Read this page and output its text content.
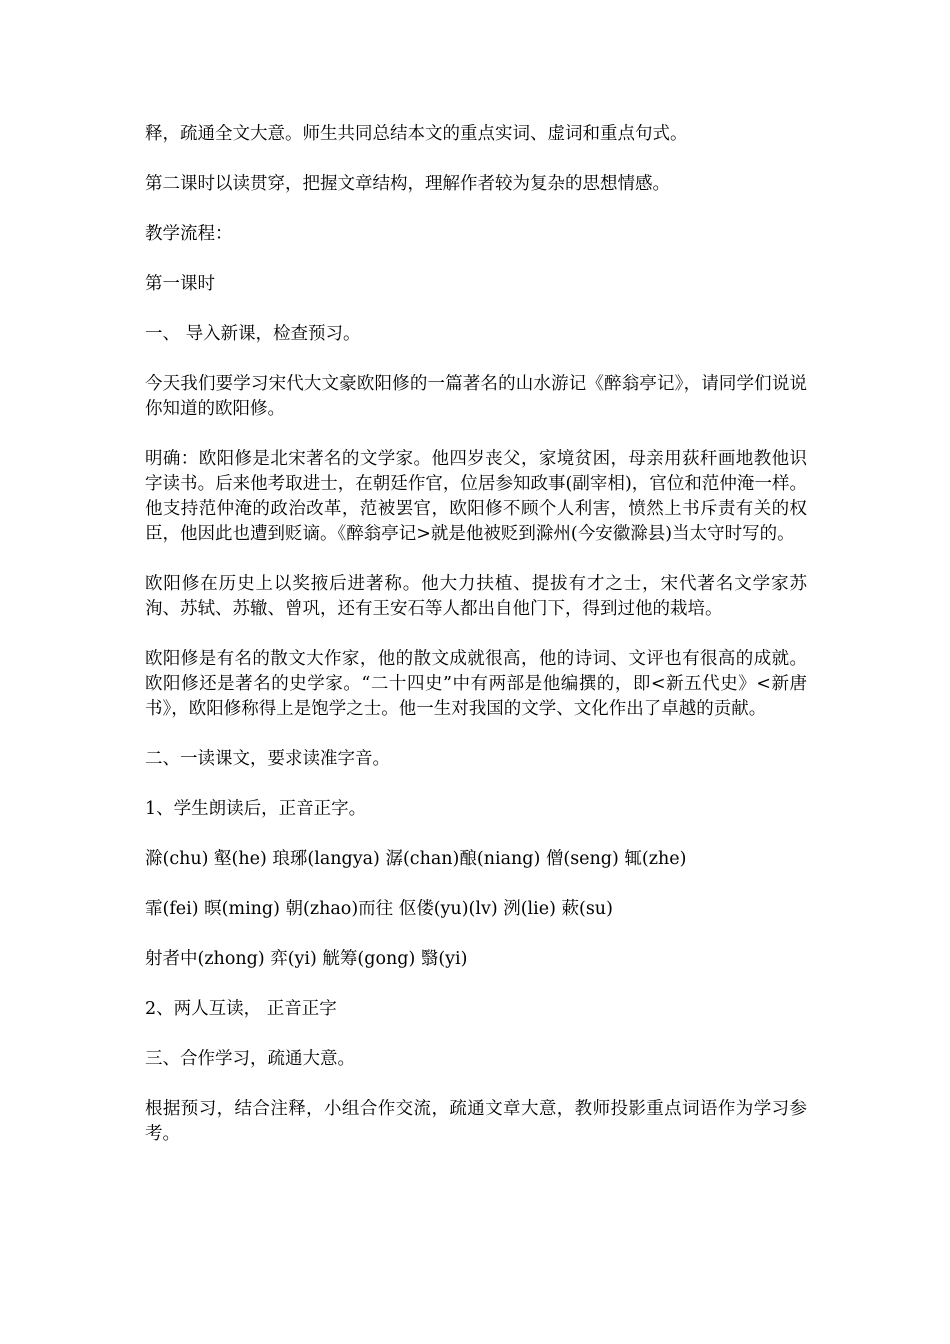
释，疏通全文大意。师生共同总结本文的重点实词、虚词和重点句式。

第二课时以读贯穿，把握文章结构，理解作者较为复杂的思想情感。

教学流程：

第一课时

一、 导入新课，检查预习。

今天我们要学习宋代大文豪欧阳修的一篇著名的山水游记《醉翁亭记》，请同学们说说你知道的欧阳修。

明确：欧阳修是北宋著名的文学家。他四岁丧父，家境贫困，母亲用荻秆画地教他识字读书。后来他考取进士，在朝廷作官，位居参知政事(副宰相)，官位和范仲淹一样。他支持范仲淹的政治改革，范被罢官，欧阳修不顾个人利害，愤然上书斥责有关的权臣，他因此也遭到贬谪。《醉翁亭记>就是他被贬到滁州(今安徽滁县)当太守时写的。

欧阳修在历史上以奖掖后进著称。他大力扶植、提拔有才之士，宋代著名文学家苏洵、苏轼、苏辙、曾巩，还有王安石等人都出自他门下，得到过他的栽培。

欧阳修是有名的散文大作家，他的散文成就很高，他的诗词、文评也有很高的成就。欧阳修还是著名的史学家。“二十四史”中有两部是他编撰的，即<新五代史》<新唐书》，欧阳修称得上是饱学之士。他一生对我国的文学、文化作出了卓越的贡献。

二、一读课文，要求读准字音。

1、学生朗读后，正音正字。

滁(chu) 壑(he) 琅琊(langya) 潺(chan)酿(niang) 僧(seng) 辄(zhe)

霏(fei) 暝(ming) 朝(zhao)而往 伛偻(yu)(lv) 洌(lie) 蔌(su)

射者中(zhong) 弈(yi) 觥筹(gong) 翳(yi)

2、两人互读， 正音正字

三、合作学习，疏通大意。

根据预习，结合注释，小组合作交流，疏通文章大意，教师投影重点词语作为学习参考。
